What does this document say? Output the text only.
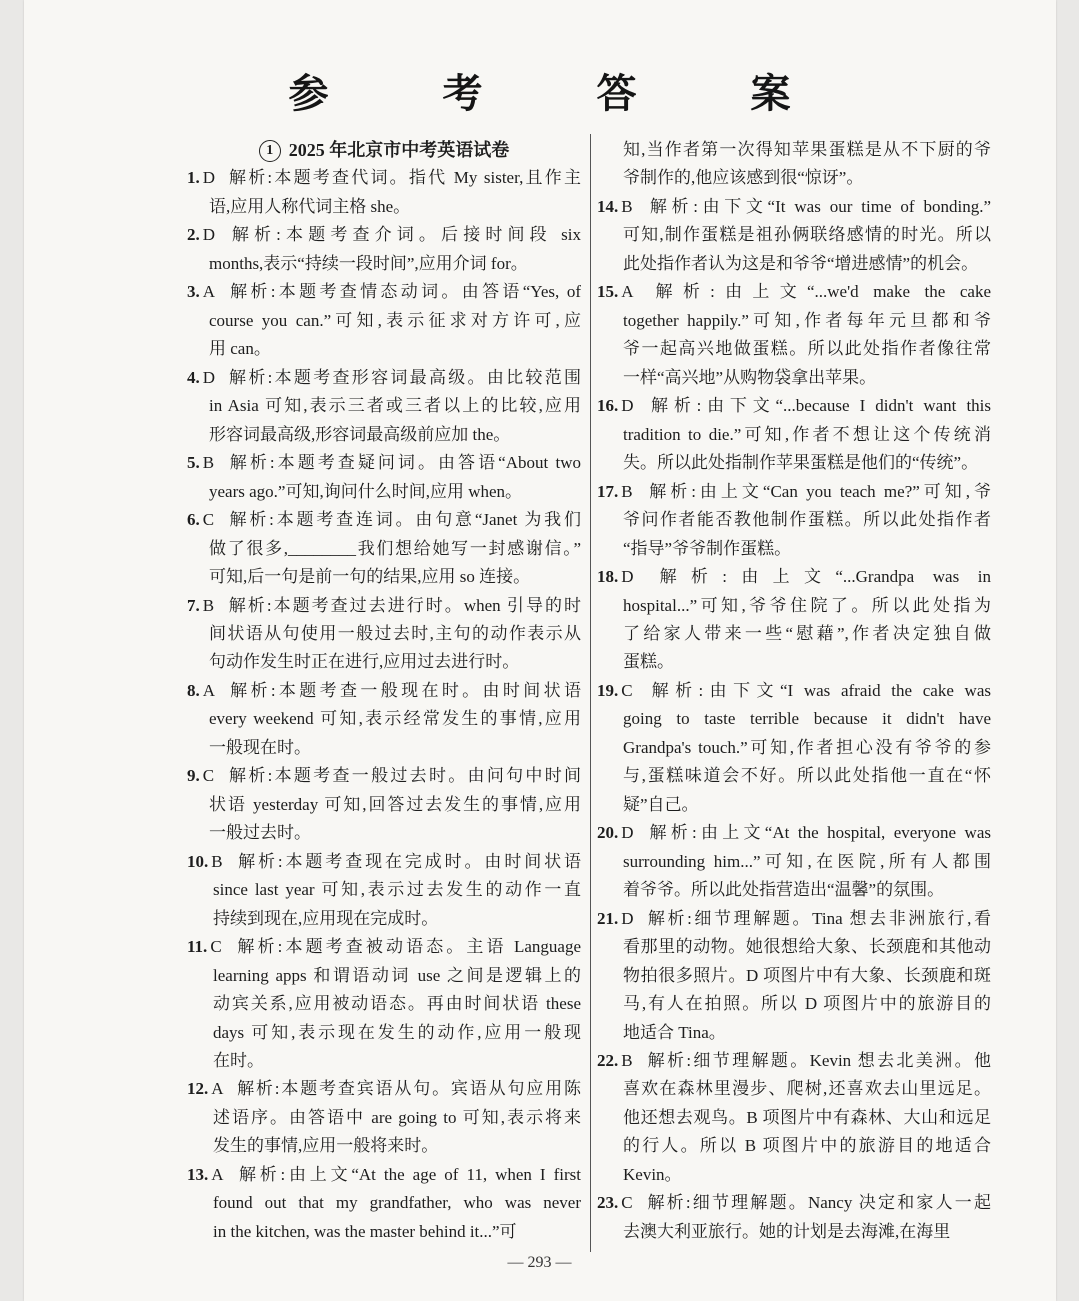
参 考 答 案
1 2025 年北京市中考英语试卷
1. D 解析:本题考查代词。指代 My sister,且作主
语,应用人称代词主格 she。
2. D 解析:本题考查介词。后接时间段 six
months,表示“持续一段时间”,应用介词 for。
3. A 解析:本题考查情态动词。由答语“Yes, of
course you can.”可知,表示征求对方许可,应
用 can。
4. D 解析:本题考查形容词最高级。由比较范围
in Asia 可知,表示三者或三者以上的比较,应用
形容词最高级,形容词最高级前应加 the。
5. B 解析:本题考查疑问词。由答语“About two
years ago.”可知,询问什么时间,应用 when。
6. C 解析:本题考查连词。由句意“Janet 为我们
做了很多,________我们想给她写一封感谢信。”
可知,后一句是前一句的结果,应用 so 连接。
7. B 解析:本题考查过去进行时。when 引导的时
间状语从句使用一般过去时,主句的动作表示从
句动作发生时正在进行,应用过去进行时。
8. A 解析:本题考查一般现在时。由时间状语
every weekend 可知,表示经常发生的事情,应用
一般现在时。
9. C 解析:本题考查一般过去时。由问句中时间
状语 yesterday 可知,回答过去发生的事情,应用
一般过去时。
10. B 解析:本题考查现在完成时。由时间状语
since last year 可知,表示过去发生的动作一直
持续到现在,应用现在完成时。
11. C 解析:本题考查被动语态。主语 Language
learning apps 和谓语动词 use 之间是逻辑上的
动宾关系,应用被动语态。再由时间状语 these
days 可知,表示现在发生的动作,应用一般现
在时。
12. A 解析:本题考查宾语从句。宾语从句应用陈
述语序。由答语中 are going to 可知,表示将来
发生的事情,应用一般将来时。
13. A 解析:由上文“At the age of 11, when I first
found out that my grandfather, who was never
in the kitchen, was the master behind it...”可
知,当作者第一次得知苹果蛋糕是从不下厨的爷
爷制作的,他应该感到很“惊讶”。
14. B 解析:由下文“It was our time of bonding.”
可知,制作蛋糕是祖孙俩联络感情的时光。所以
此处指作者认为这是和爷爷“增进感情”的机会。
15. A 解析:由上文“...we'd make the cake
together happily.”可知,作者每年元旦都和爷
爷一起高兴地做蛋糕。所以此处指作者像往常
一样“高兴地”从购物袋拿出苹果。
16. D 解析:由下文“...because I didn't want this
tradition to die.”可知,作者不想让这个传统消
失。所以此处指制作苹果蛋糕是他们的“传统”。
17. B 解析:由上文“Can you teach me?”可知,爷
爷问作者能否教他制作蛋糕。所以此处指作者
“指导”爷爷制作蛋糕。
18. D 解析:由上文“...Grandpa was in
hospital...”可知,爷爷住院了。所以此处指为
了给家人带来一些“慰藉”,作者决定独自做
蛋糕。
19. C 解析:由下文“I was afraid the cake was
going to taste terrible because it didn't have
Grandpa's touch.”可知,作者担心没有爷爷的参
与,蛋糕味道会不好。所以此处指他一直在“怀
疑”自己。
20. D 解析:由上文“At the hospital, everyone was
surrounding him...”可知,在医院,所有人都围
着爷爷。所以此处指营造出“温馨”的氛围。
21. D 解析:细节理解题。Tina 想去非洲旅行,看
看那里的动物。她很想给大象、长颈鹿和其他动
物拍很多照片。D 项图片中有大象、长颈鹿和斑
马,有人在拍照。所以 D 项图片中的旅游目的
地适合 Tina。
22. B 解析:细节理解题。Kevin 想去北美洲。他
喜欢在森林里漫步、爬树,还喜欢去山里远足。
他还想去观鸟。B 项图片中有森林、大山和远足
的行人。所以 B 项图片中的旅游目的地适合
Kevin。
23. C 解析:细节理解题。Nancy 决定和家人一起
去澳大利亚旅行。她的计划是去海滩,在海里
— 293 —
